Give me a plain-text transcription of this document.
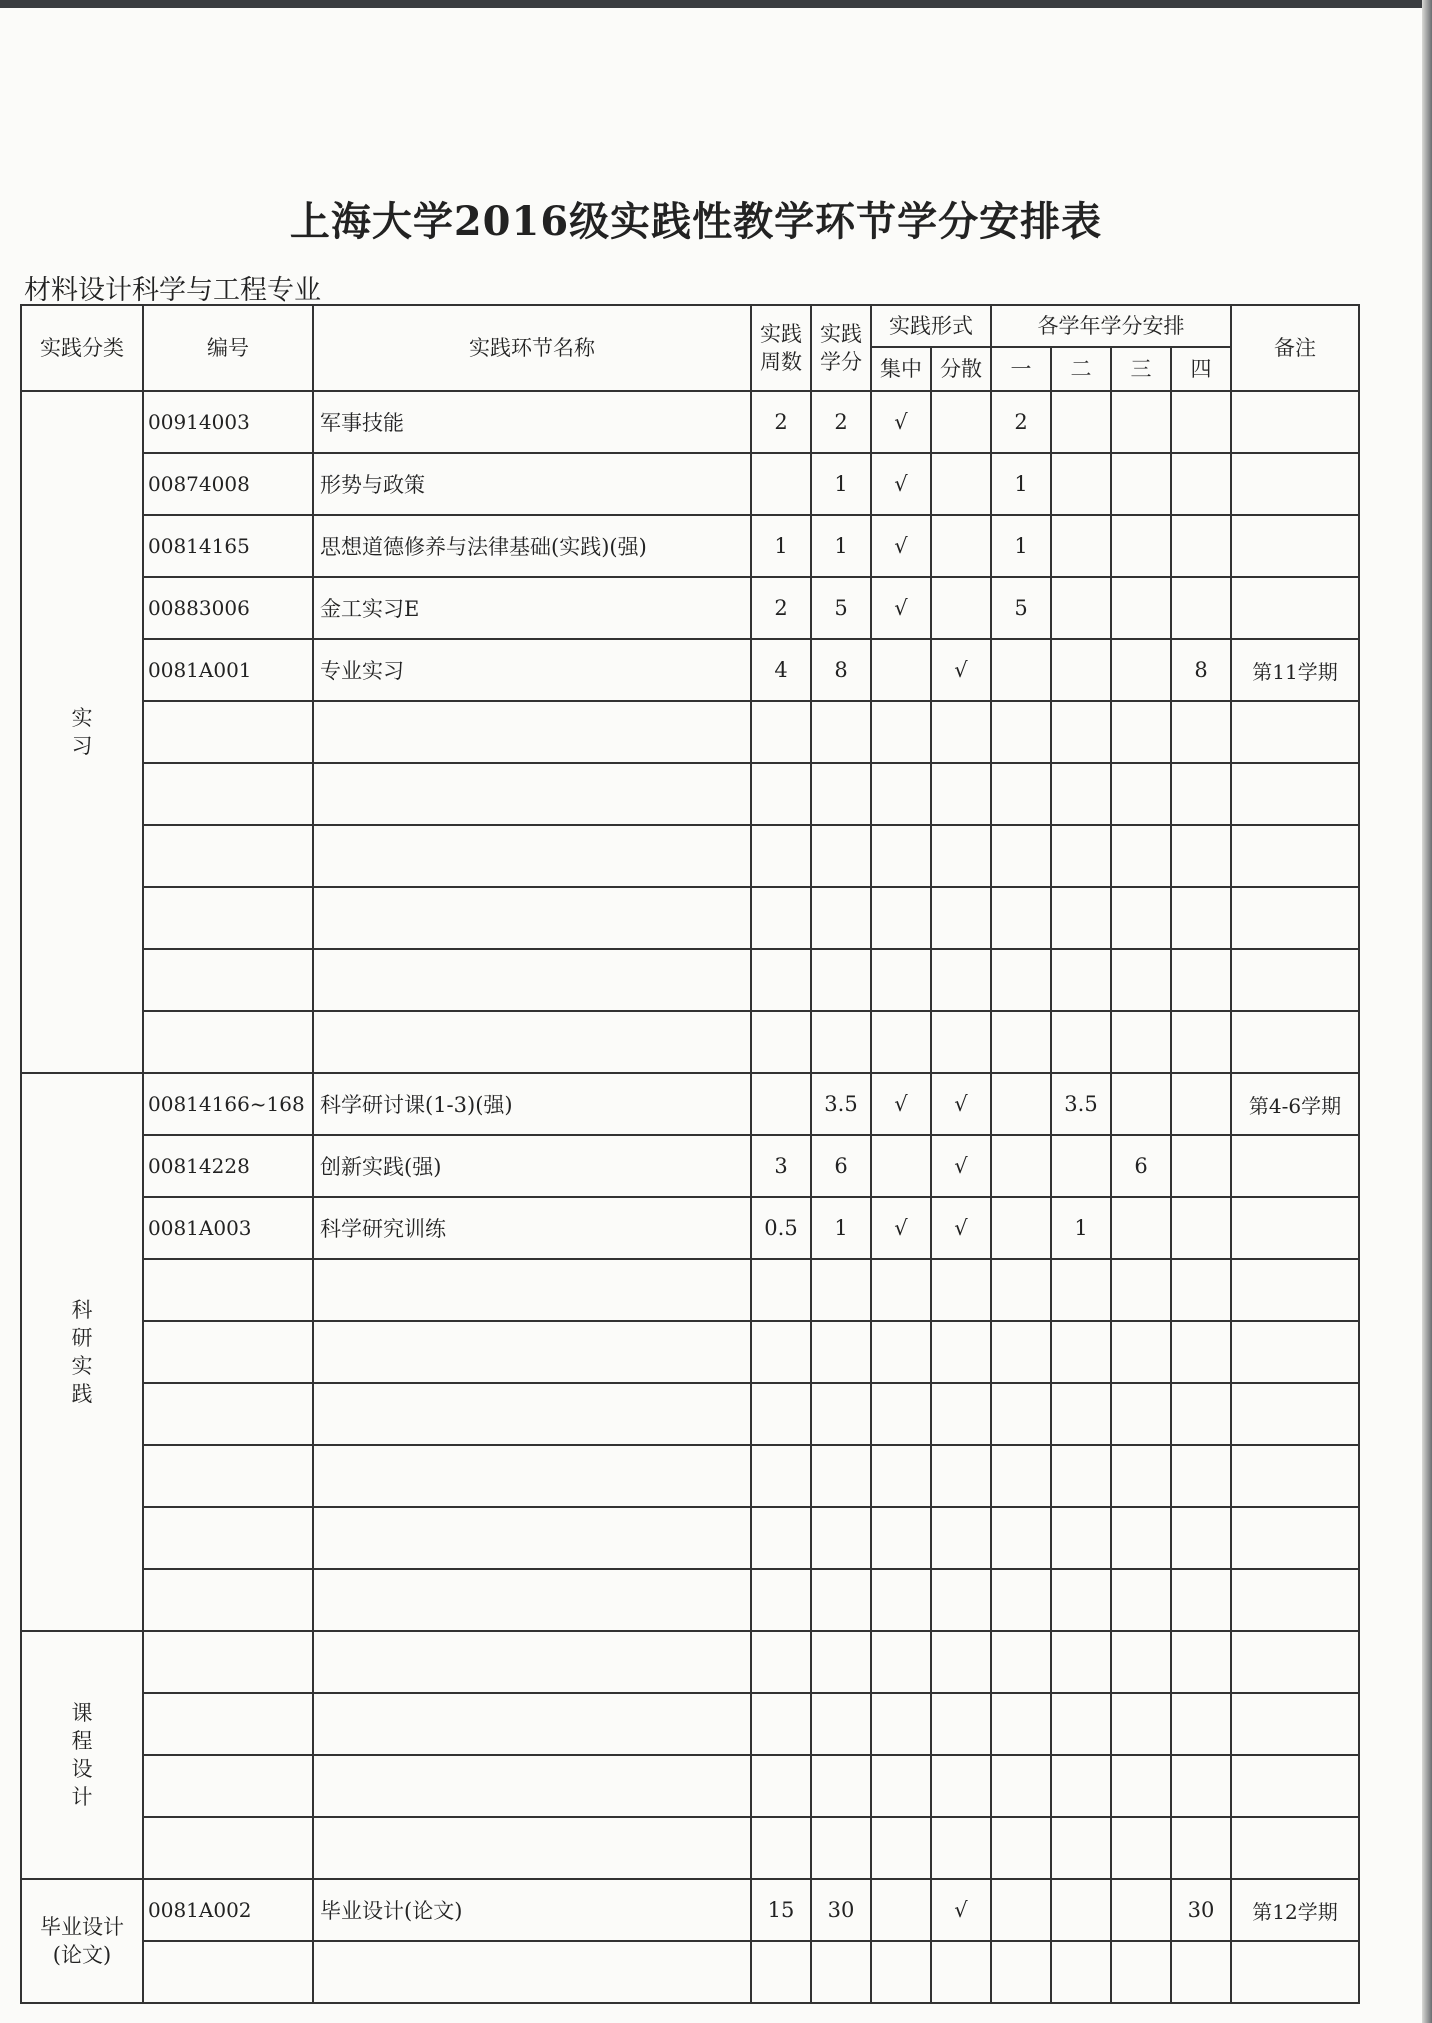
上海大学2016级实践性教学环节学分安排表
材料设计科学与工程专业
实践分类	编号	实践环节名称	实践周数	实践学分	实践形式		各学年学分安排				备注
					集中	分散	一	二	三	四	
实习	00914003	军事技能	2	2	√		2				
	00874008	形势与政策		1	√		1				
	00814165	思想道德修养与法律基础(实践)(强)	1	1	√		1				
	00883006	金工实习E	2	5	√		5				
	0081A001	专业实习	4	8		√				8	第11学期

科研实践	00814166~168	科学研讨课(1-3)(强)		3.5	√	√		3.5			第4-6学期
	00814228	创新实践(强)	3	6		√			6		
	0081A003	科学研究训练	0.5	1	√	√		1			

课程设计											

毕业设计(论文)	0081A002	毕业设计(论文)	15	30		√				30	第12学期
